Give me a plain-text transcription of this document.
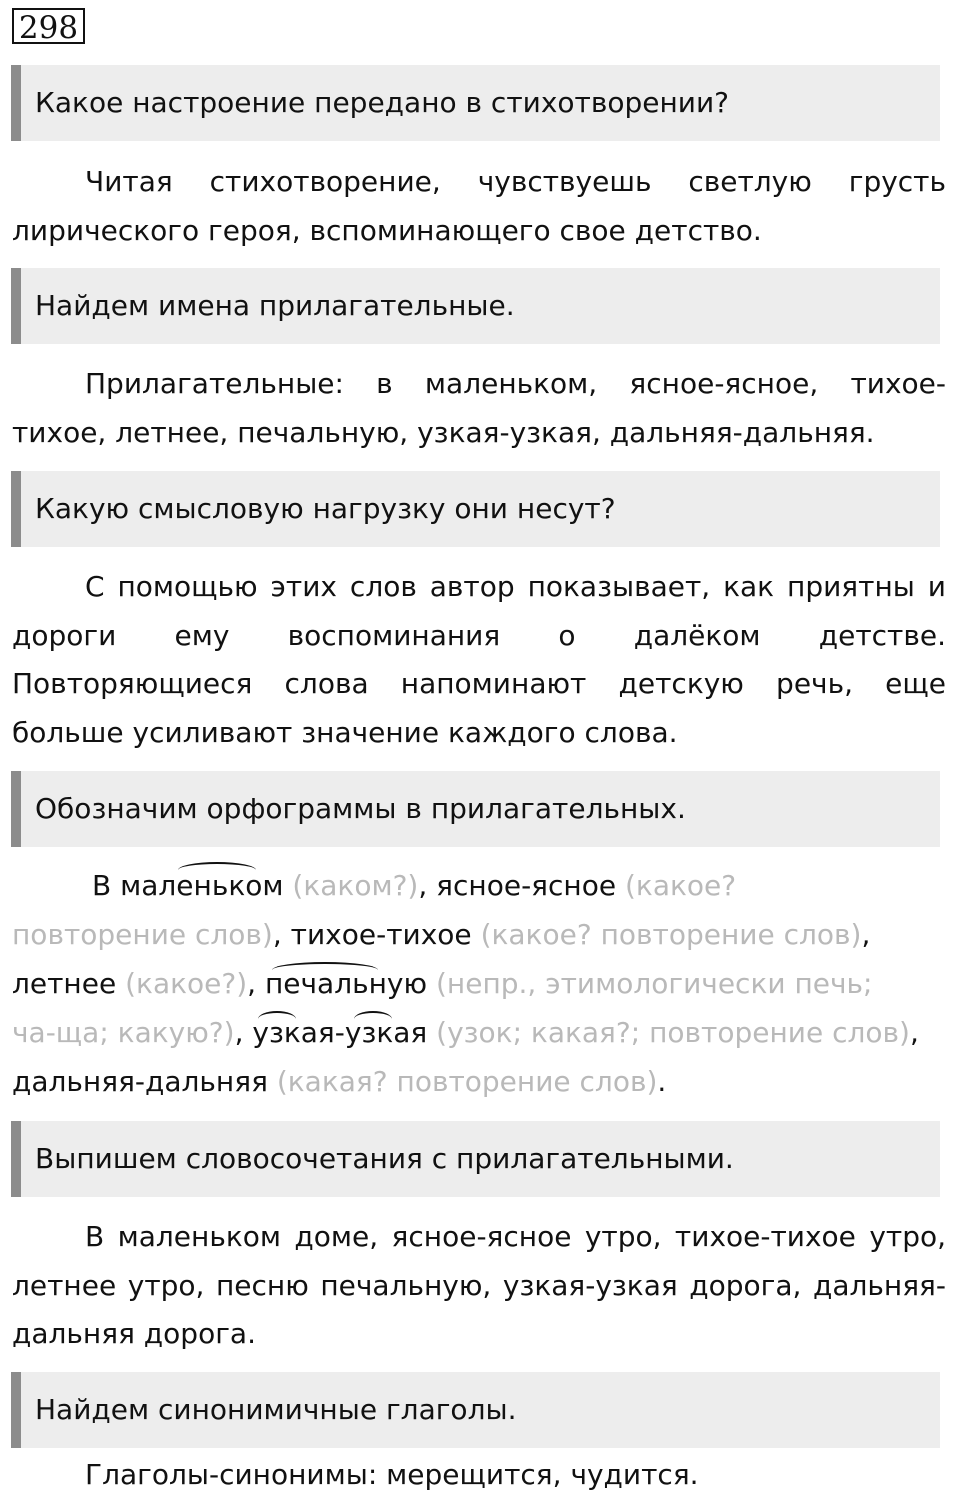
298
Какое настроение передано в стихотворении?

Читая стихотворение, чувствуешь светлую грусть лирического героя, вспоминающего свое детство.

Найдем имена прилагательные.

Прилагательные: в маленьком, ясное-ясное, тихое-тихое, летнее, печальную, узкая-узкая, дальняя-дальняя.

Какую смысловую нагрузку они несут?

С помощью этих слов автор показывает, как приятны и дороги ему воспоминания о далёком детстве. Повторяющиеся слова напоминают детскую речь, еще больше усиливают значение каждого слова.

Обозначим орфограммы в прилагательных.
В маленьком (каком?), ясное-ясное (какое?
повторение слов), тихое-тихое (какое? повторение слов),
летнее (какое?), печальную (непр., этимологически печь;
ча-ща; какую?), узкая-узкая (узок; какая?; повторение слов),
дальняя-дальняя (какая? повторение слов).
Выпишем словосочетания с прилагательными.

В маленьком доме, ясное-ясное утро, тихое-тихое утро, летнее утро, песню печальную, узкая-узкая дорога, дальняя-дальняя дорога.

Найдем синонимичные глаголы.

Глаголы-синонимы: мерещится, чудится.
